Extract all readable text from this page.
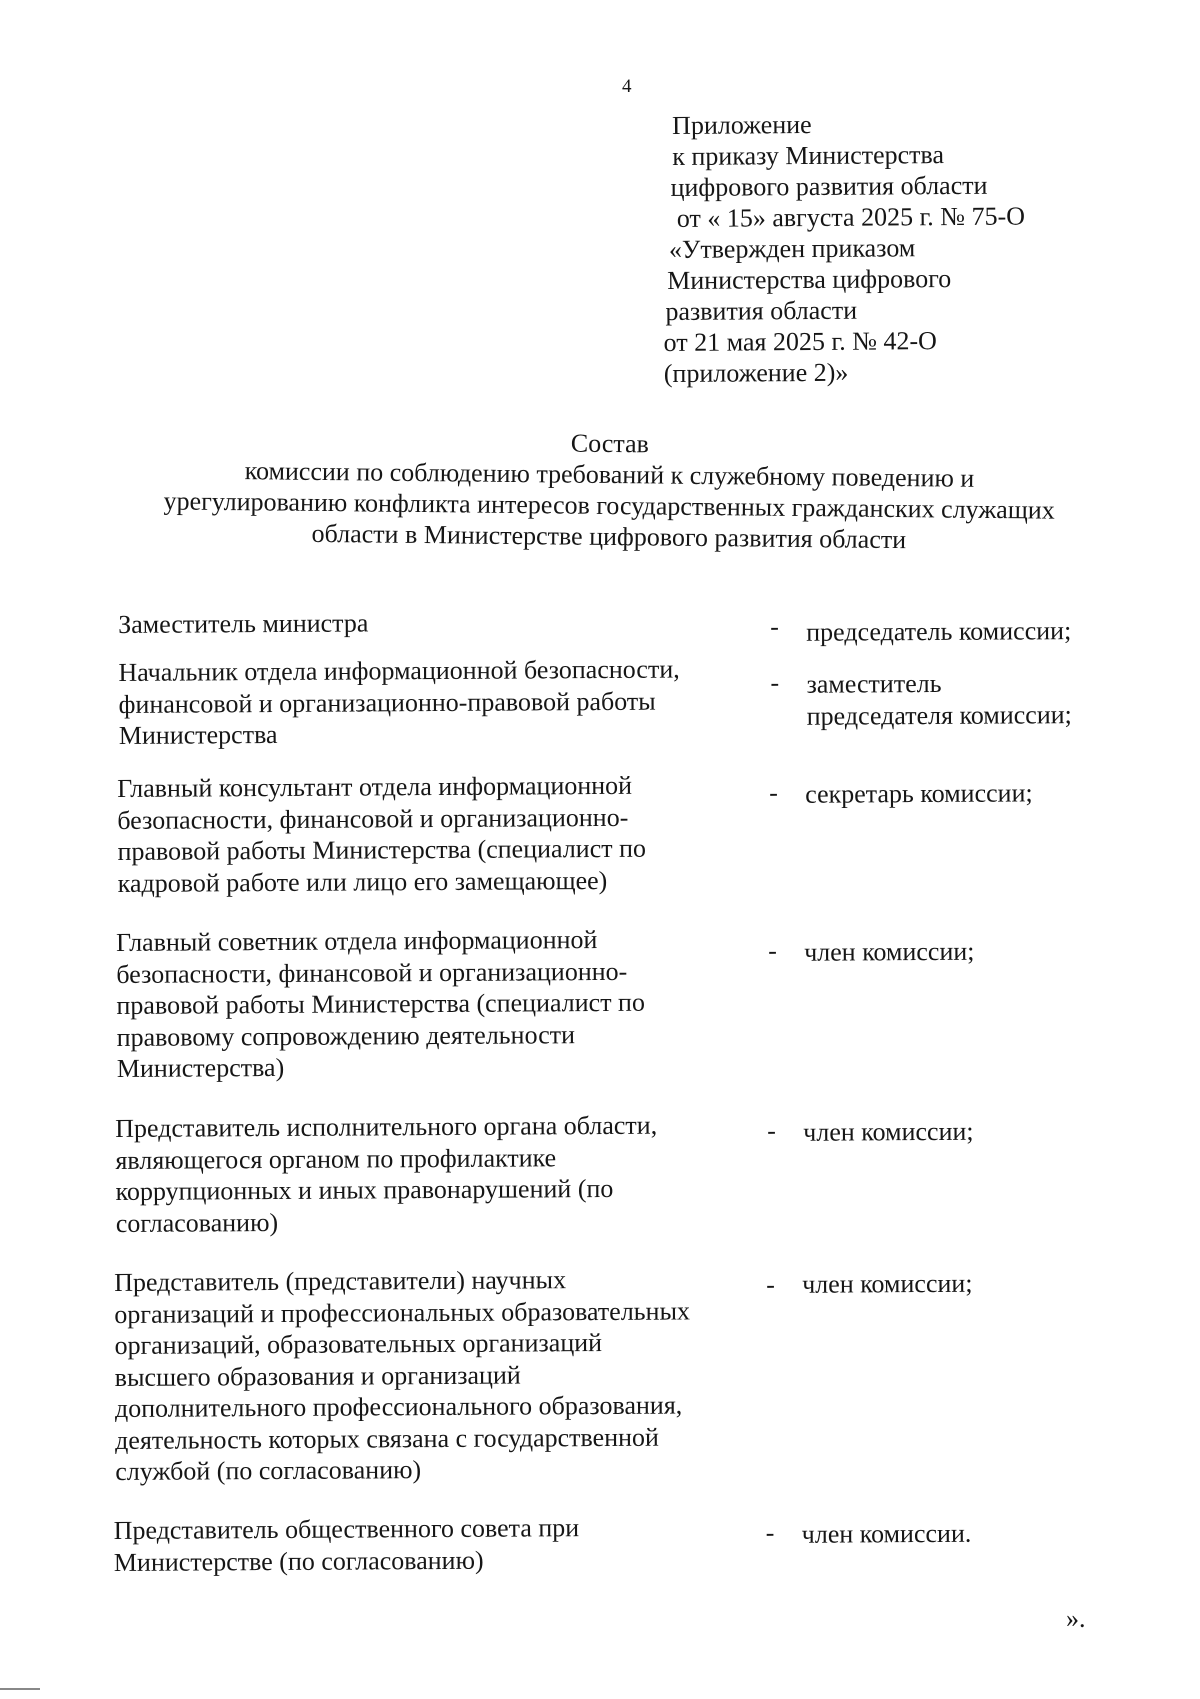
4
Приложение
к приказу Министерства
цифрового развития области
от « 15» августа 2025 г. № 75-О
«Утвержден приказом
Министерства цифрового
развития области
от 21 мая 2025 г. № 42-О
(приложение 2)»
Состав
комиссии по соблюдению требований к служебному поведению и
урегулированию конфликта интересов государственных гражданских служащих
области в Министерстве цифрового развития области
Заместитель министра	- председатель комиссии;
Начальник отдела информационной безопасности,
финансовой и организационно-правовой работы
Министерства
- заместитель
председателя комиссии;
Главный консультант отдела информационной
безопасности, финансовой и организационно-
правовой работы Министерства (специалист по
кадровой работе или лицо его замещающее)
- секретарь комиссии;
Главный советник отдела информационной
безопасности, финансовой и организационно-
правовой работы Министерства (специалист по
правовому сопровождению деятельности
Министерства)
- член комиссии;
Представитель исполнительного органа области,
являющегося органом по профилактике
коррупционных и иных правонарушений (по
согласованию)
- член комиссии;
Представитель (представители) научных
организаций и профессиональных образовательных
организаций, образовательных организаций
высшего образования и организаций
дополнительного профессионального образования,
деятельность которых связана с государственной
службой (по согласованию)
- член комиссии;
Представитель общественного совета при
Министерстве (по согласованию)
- член комиссии.
».
